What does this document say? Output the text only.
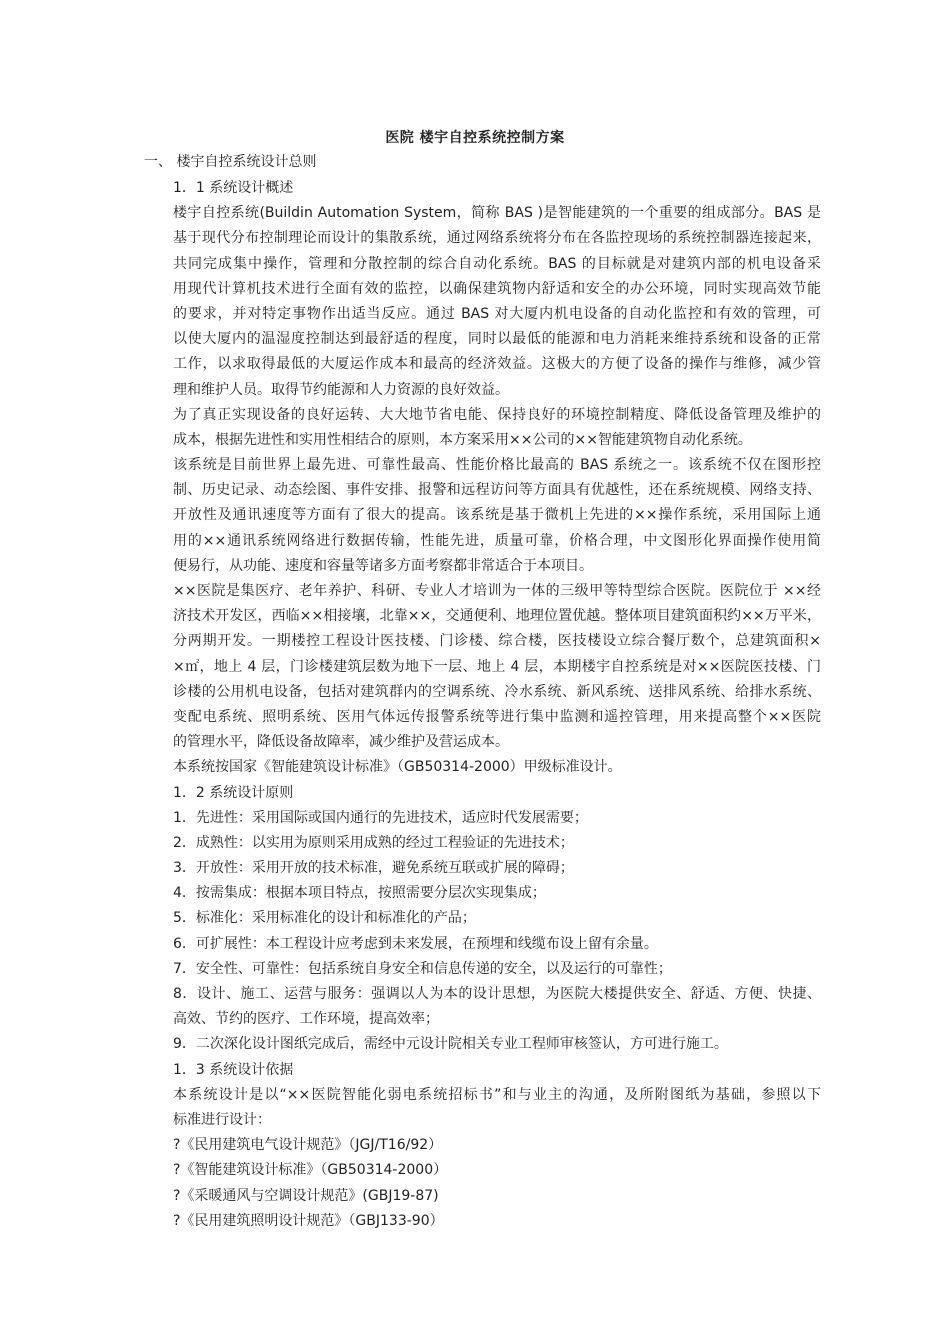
医院 楼宇自控系统控制方案
一、 楼宇自控系统设计总则
1．1 系统设计概述
楼宇自控系统(Buildin Automation System，简称 BAS )是智能建筑的一个重要的组成部分。BAS 是
基于现代分布控制理论而设计的集散系统，通过网络系统将分布在各监控现场的系统控制器连接起来，
共同完成集中操作，管理和分散控制的综合自动化系统。BAS 的目标就是对建筑内部的机电设备采
用现代计算机技术进行全面有效的监控，以确保建筑物内舒适和安全的办公环境，同时实现高效节能
的要求，并对特定事物作出适当反应。通过 BAS 对大厦内机电设备的自动化监控和有效的管理，可
以使大厦内的温湿度控制达到最舒适的程度，同时以最低的能源和电力消耗来维持系统和设备的正常
工作，以求取得最低的大厦运作成本和最高的经济效益。这极大的方便了设备的操作与维修，减少管
理和维护人员。取得节约能源和人力资源的良好效益。
为了真正实现设备的良好运转、大大地节省电能、保持良好的环境控制精度、降低设备管理及维护的
成本，根据先进性和实用性相结合的原则，本方案采用××公司的××智能建筑物自动化系统。
该系统是目前世界上最先进、可靠性最高、性能价格比最高的 BAS 系统之一。该系统不仅在图形控
制、历史记录、动态绘图、事件安排、报警和远程访问等方面具有优越性，还在系统规模、网络支持、
开放性及通讯速度等方面有了很大的提高。该系统是基于微机上先进的××操作系统，采用国际上通
用的××通讯系统网络进行数据传输，性能先进，质量可靠，价格合理，中文图形化界面操作使用简
便易行，从功能、速度和容量等诸多方面考察都非常适合于本项目。
××医院是集医疗、老年养护、科研、专业人才培训为一体的三级甲等特型综合医院。医院位于 ××经
济技术开发区，西临××相接壤，北靠××，交通便利、地理位置优越。整体项目建筑面积约××万平米，
分两期开发。一期楼控工程设计医技楼、门诊楼、综合楼，医技楼设立综合餐厅数个，总建筑面积×
×㎡，地上 4 层，门诊楼建筑层数为地下一层、地上 4 层，本期楼宇自控系统是对××医院医技楼、门
诊楼的公用机电设备，包括对建筑群内的空调系统、冷水系统、新风系统、送排风系统、给排水系统、
变配电系统、照明系统、医用气体远传报警系统等进行集中监测和遥控管理，用来提高整个××医院
的管理水平，降低设备故障率，减少维护及营运成本。
本系统按国家《智能建筑设计标准》（GB50314-2000）甲级标准设计。
1．2 系统设计原则
1．先进性：采用国际或国内通行的先进技术，适应时代发展需要；
2．成熟性：以实用为原则采用成熟的经过工程验证的先进技术；
3．开放性：采用开放的技术标准，避免系统互联或扩展的障碍；
4．按需集成：根据本项目特点，按照需要分层次实现集成；
5．标准化：采用标准化的设计和标准化的产品；
6．可扩展性：本工程设计应考虑到未来发展，在预埋和线缆布设上留有余量。
7．安全性、可靠性：包括系统自身安全和信息传递的安全，以及运行的可靠性；
8．设计、施工、运营与服务：强调以人为本的设计思想，为医院大楼提供安全、舒适、方便、快捷、
高效、节约的医疗、工作环境，提高效率；
9．二次深化设计图纸完成后，需经中元设计院相关专业工程师审核签认，方可进行施工。
1．3 系统设计依据
本系统设计是以“××医院智能化弱电系统招标书”和与业主的沟通，及所附图纸为基础，参照以下
标准进行设计：
?《民用建筑电气设计规范》（JGJ/T16/92）
?《智能建筑设计标准》（GB50314-2000）
?《采暖通风与空调设计规范》(GBJ19-87)
?《民用建筑照明设计规范》（GBJ133-90）
